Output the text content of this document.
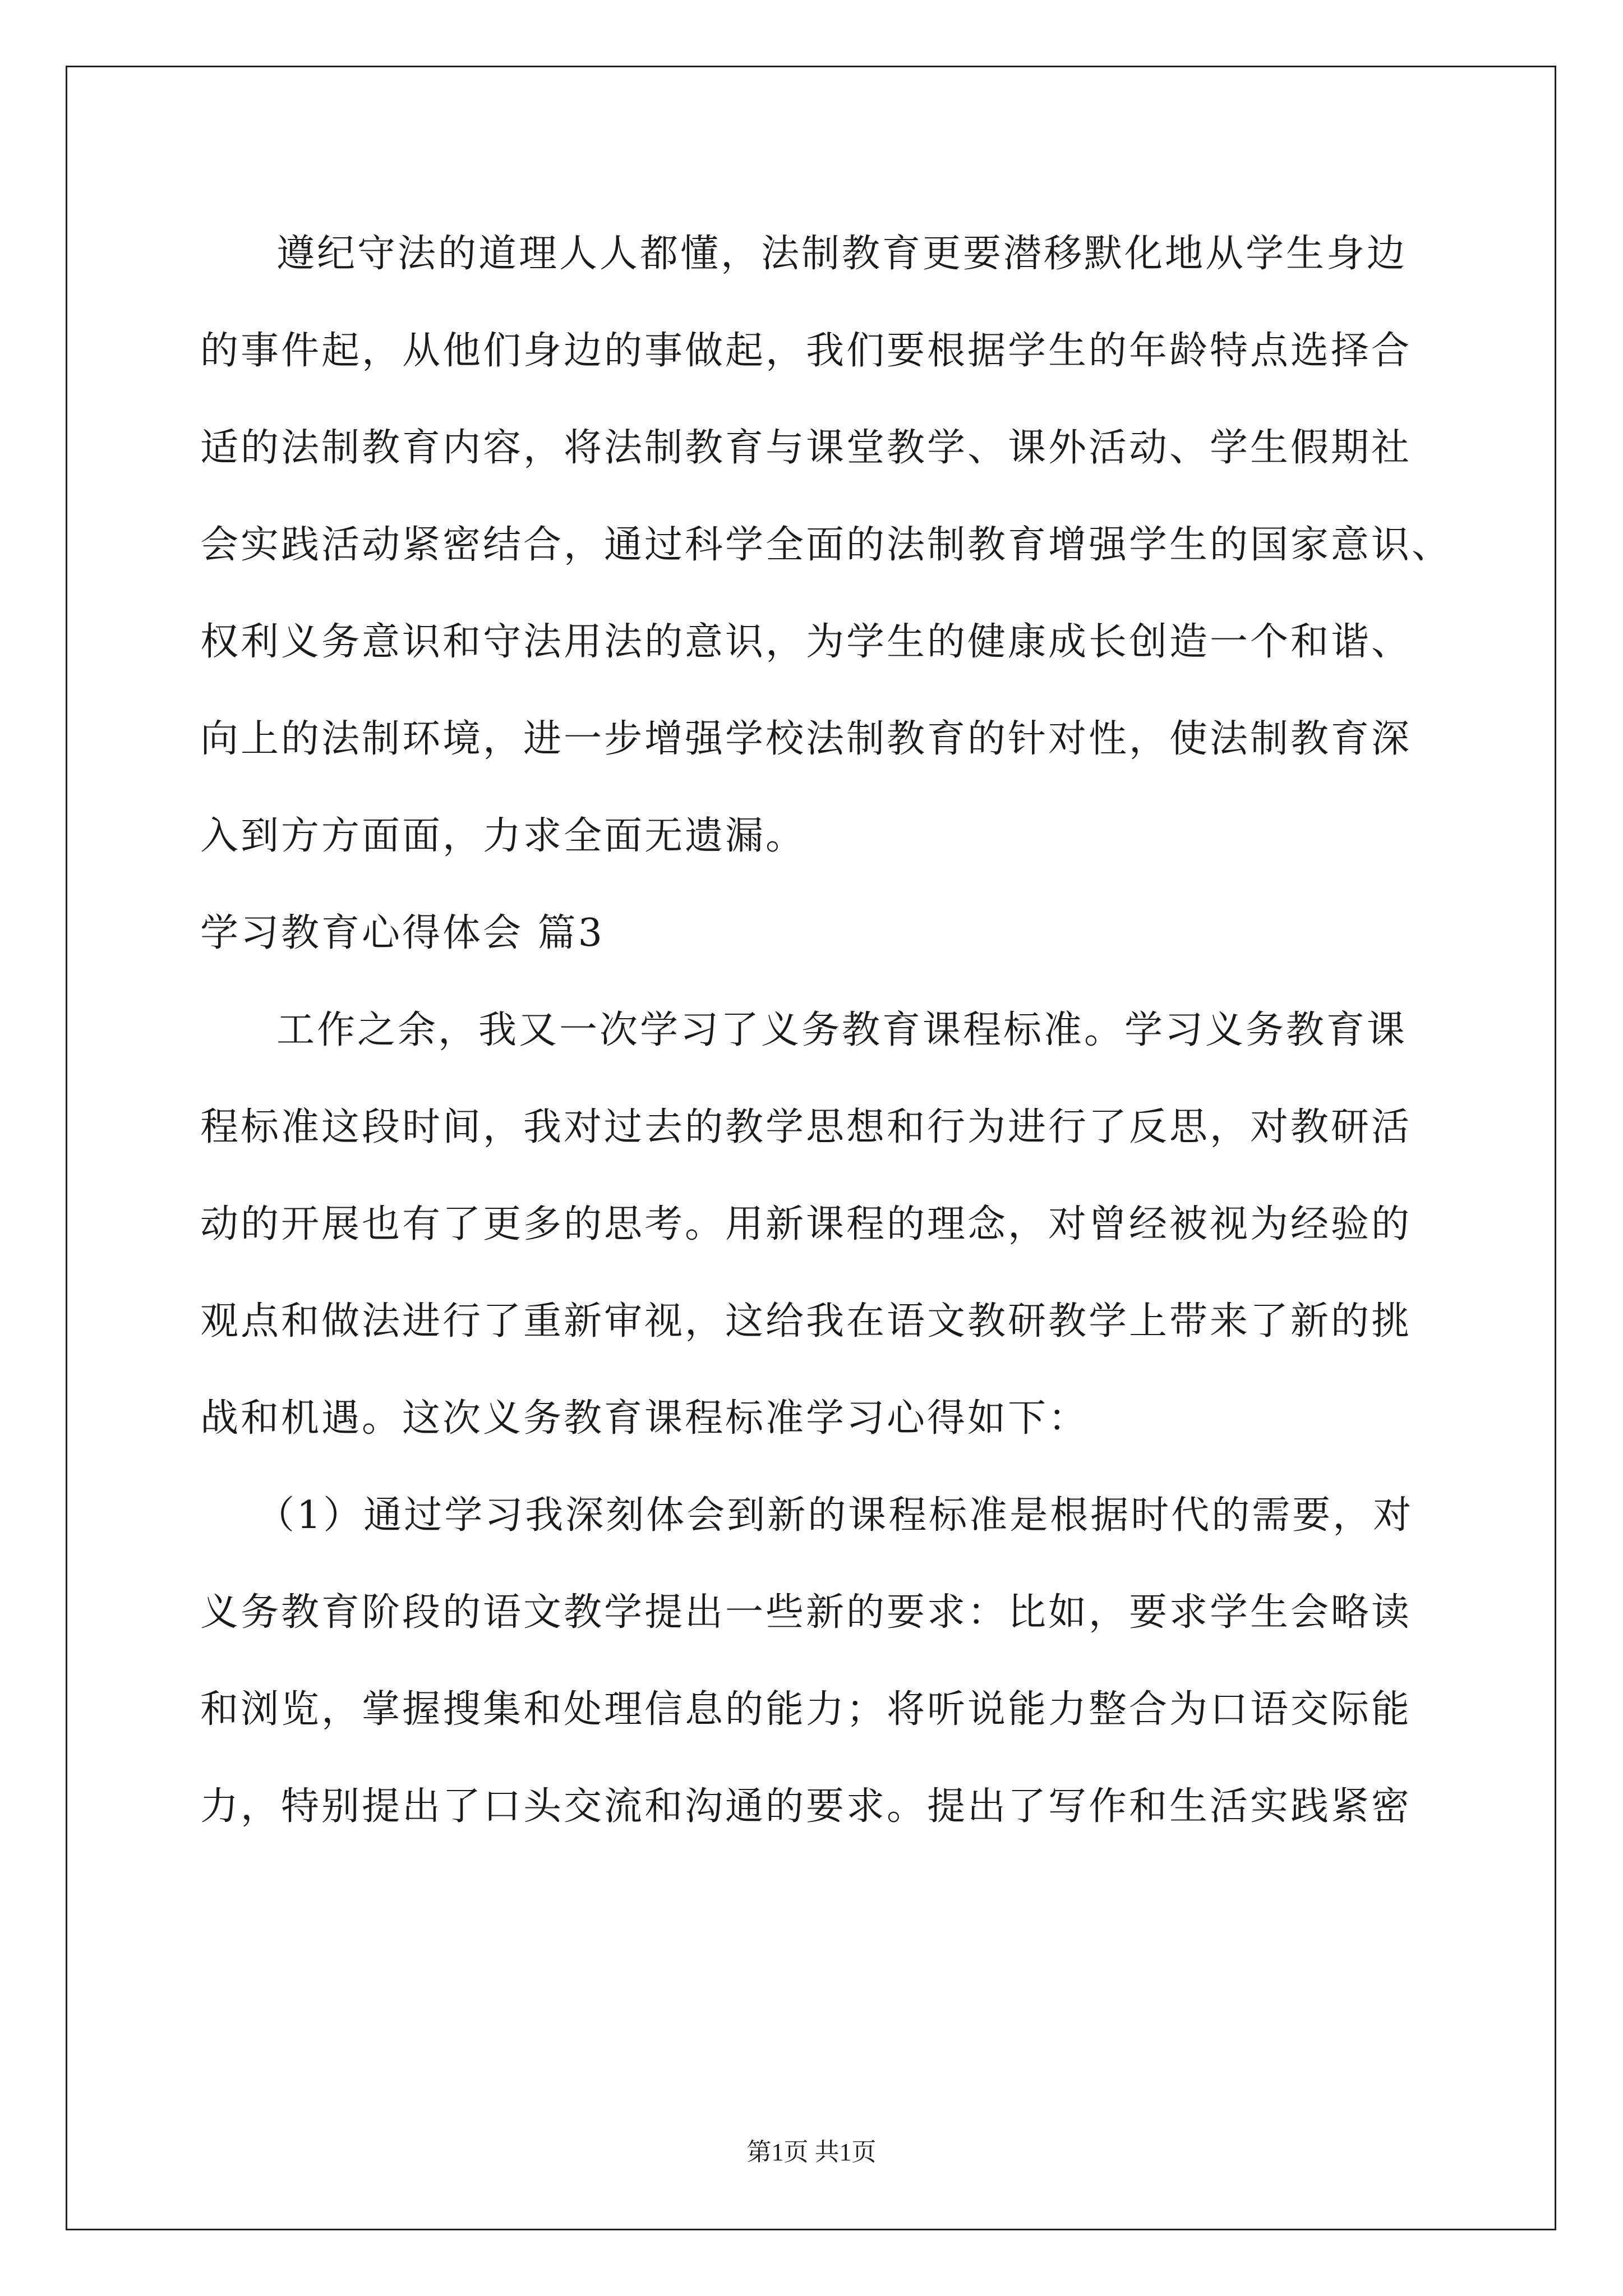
遵纪守法的道理人人都懂，法制教育更要潜移默化地从学生身边
的事件起，从他们身边的事做起，我们要根据学生的年龄特点选择合
适的法制教育内容，将法制教育与课堂教学、课外活动、学生假期社
会实践活动紧密结合，通过科学全面的法制教育增强学生的国家意识、
权利义务意识和守法用法的意识，为学生的健康成长创造一个和谐、
向上的法制环境，进一步增强学校法制教育的针对性，使法制教育深
入到方方面面，力求全面无遗漏。
学习教育心得体会 篇3
工作之余，我又一次学习了义务教育课程标准。学习义务教育课
程标准这段时间，我对过去的教学思想和行为进行了反思，对教研活
动的开展也有了更多的思考。用新课程的理念，对曾经被视为经验的
观点和做法进行了重新审视，这给我在语文教研教学上带来了新的挑
战和机遇。这次义务教育课程标准学习心得如下：
（1）通过学习我深刻体会到新的课程标准是根据时代的需要，对
义务教育阶段的语文教学提出一些新的要求：比如，要求学生会略读
和浏览，掌握搜集和处理信息的能力；将听说能力整合为口语交际能
力，特别提出了口头交流和沟通的要求。提出了写作和生活实践紧密
第1页 共1页
